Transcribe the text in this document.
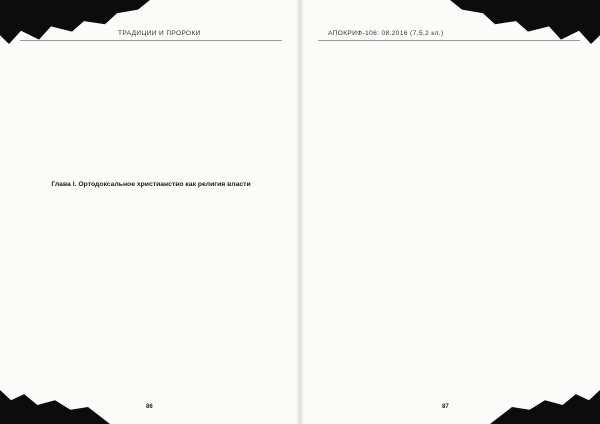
ТРАДИЦИИ И ПРОРОКИ
Глава I. Ортодоксальное христианство как религия власти
86
АПОКРИФ-106: 08.2016 (7,5.2 кл.)
87
